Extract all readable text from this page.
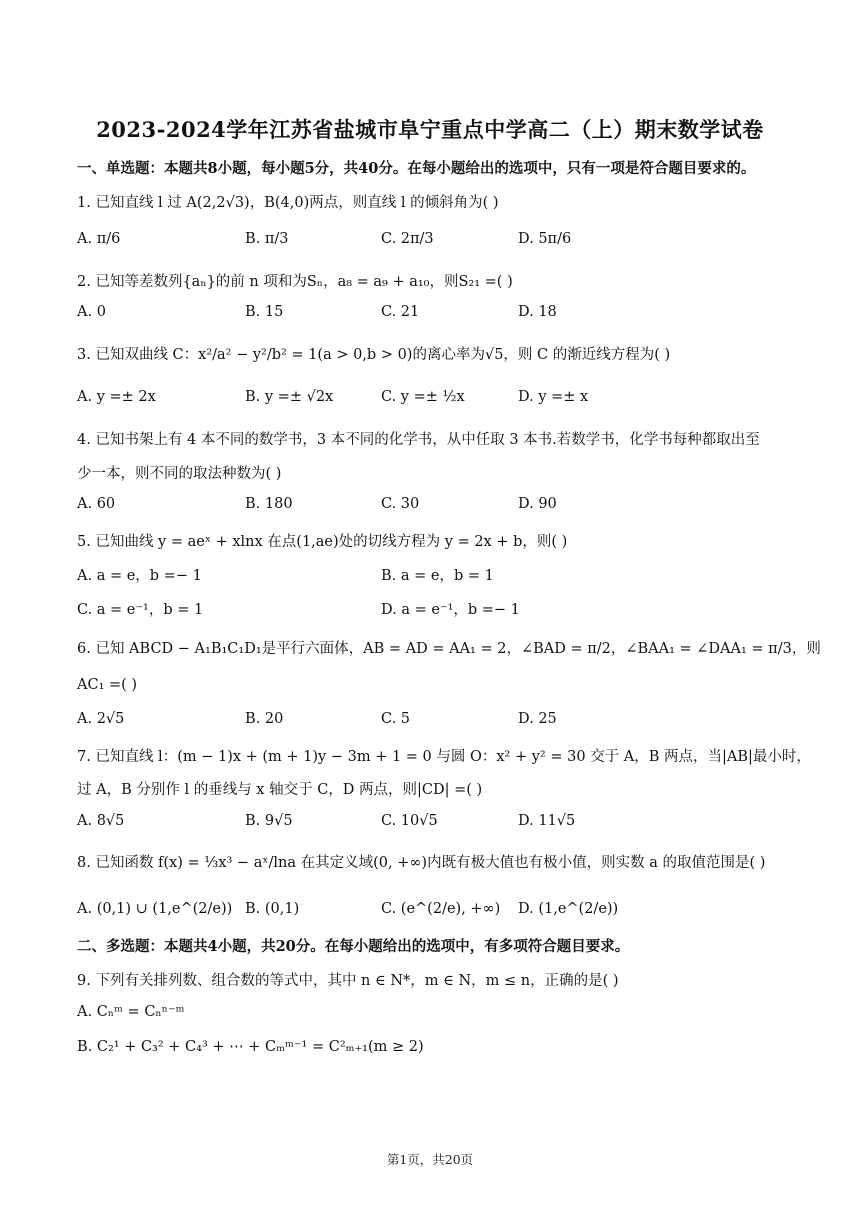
2023-2024学年江苏省盐城市阜宁重点中学高二（上）期末数学试卷
一、单选题：本题共8小题，每小题5分，共40分。在每小题给出的选项中，只有一项是符合题目要求的。
1. 已知直线 l 过 A(2,2√3)，B(4,0)两点，则直线 l 的倾斜角为( )
A. π/6	B. π/3	C. 2π/3	D. 5π/6
2. 已知等差数列{aₙ}的前 n 项和为Sₙ，a₈ = a₉ + a₁₀，则S₂₁ =( )
A. 0	B. 15	C. 21	D. 18
3. 已知双曲线 C：x²/a² − y²/b² = 1(a > 0,b > 0)的离心率为√5，则 C 的渐近线方程为( )
A. y =± 2x	B. y =± √2x	C. y =± ½x	D. y =± x
4. 已知书架上有 4 本不同的数学书，3 本不同的化学书，从中任取 3 本书.若数学书，化学书每种都取出至
少一本，则不同的取法种数为( )
A. 60	B. 180	C. 30	D. 90
5. 已知曲线 y = aeˣ + xlnx 在点(1,ae)处的切线方程为 y = 2x + b，则( )
A. a = e，b =− 1	B. a = e，b = 1
C. a = e⁻¹，b = 1	D. a = e⁻¹，b =− 1
6. 已知 ABCD − A₁B₁C₁D₁是平行六面体，AB = AD = AA₁ = 2，∠BAD = π/2，∠BAA₁ = ∠DAA₁ = π/3，则
AC₁ =( )
A. 2√5	B. 20	C. 5	D. 25
7. 已知直线 l：(m − 1)x + (m + 1)y − 3m + 1 = 0 与圆 O：x² + y² = 30 交于 A，B 两点，当|AB|最小时，
过 A，B 分别作 l 的垂线与 x 轴交于 C，D 两点，则|CD| =( )
A. 8√5	B. 9√5	C. 10√5	D. 11√5
8. 已知函数 f(x) = ⅓x³ − aˣ/lna 在其定义域(0, +∞)内既有极大值也有极小值，则实数 a 的取值范围是( )
A. (0,1) ∪ (1,e^(2/e)) B. (0,1)	C. (e^(2/e), +∞) D. (1,e^(2/e))
二、多选题：本题共4小题，共20分。在每小题给出的选项中，有多项符合题目要求。
9. 下列有关排列数、组合数的等式中，其中 n ∈ N*，m ∈ N，m ≤ n，正确的是( )
A. Cₙᵐ = Cₙⁿ⁻ᵐ
B. C₂¹ + C₃² + C₄³ + ⋯ + Cₘᵐ⁻¹ = C²ₘ₊₁(m ≥ 2)
第1页，共20页
